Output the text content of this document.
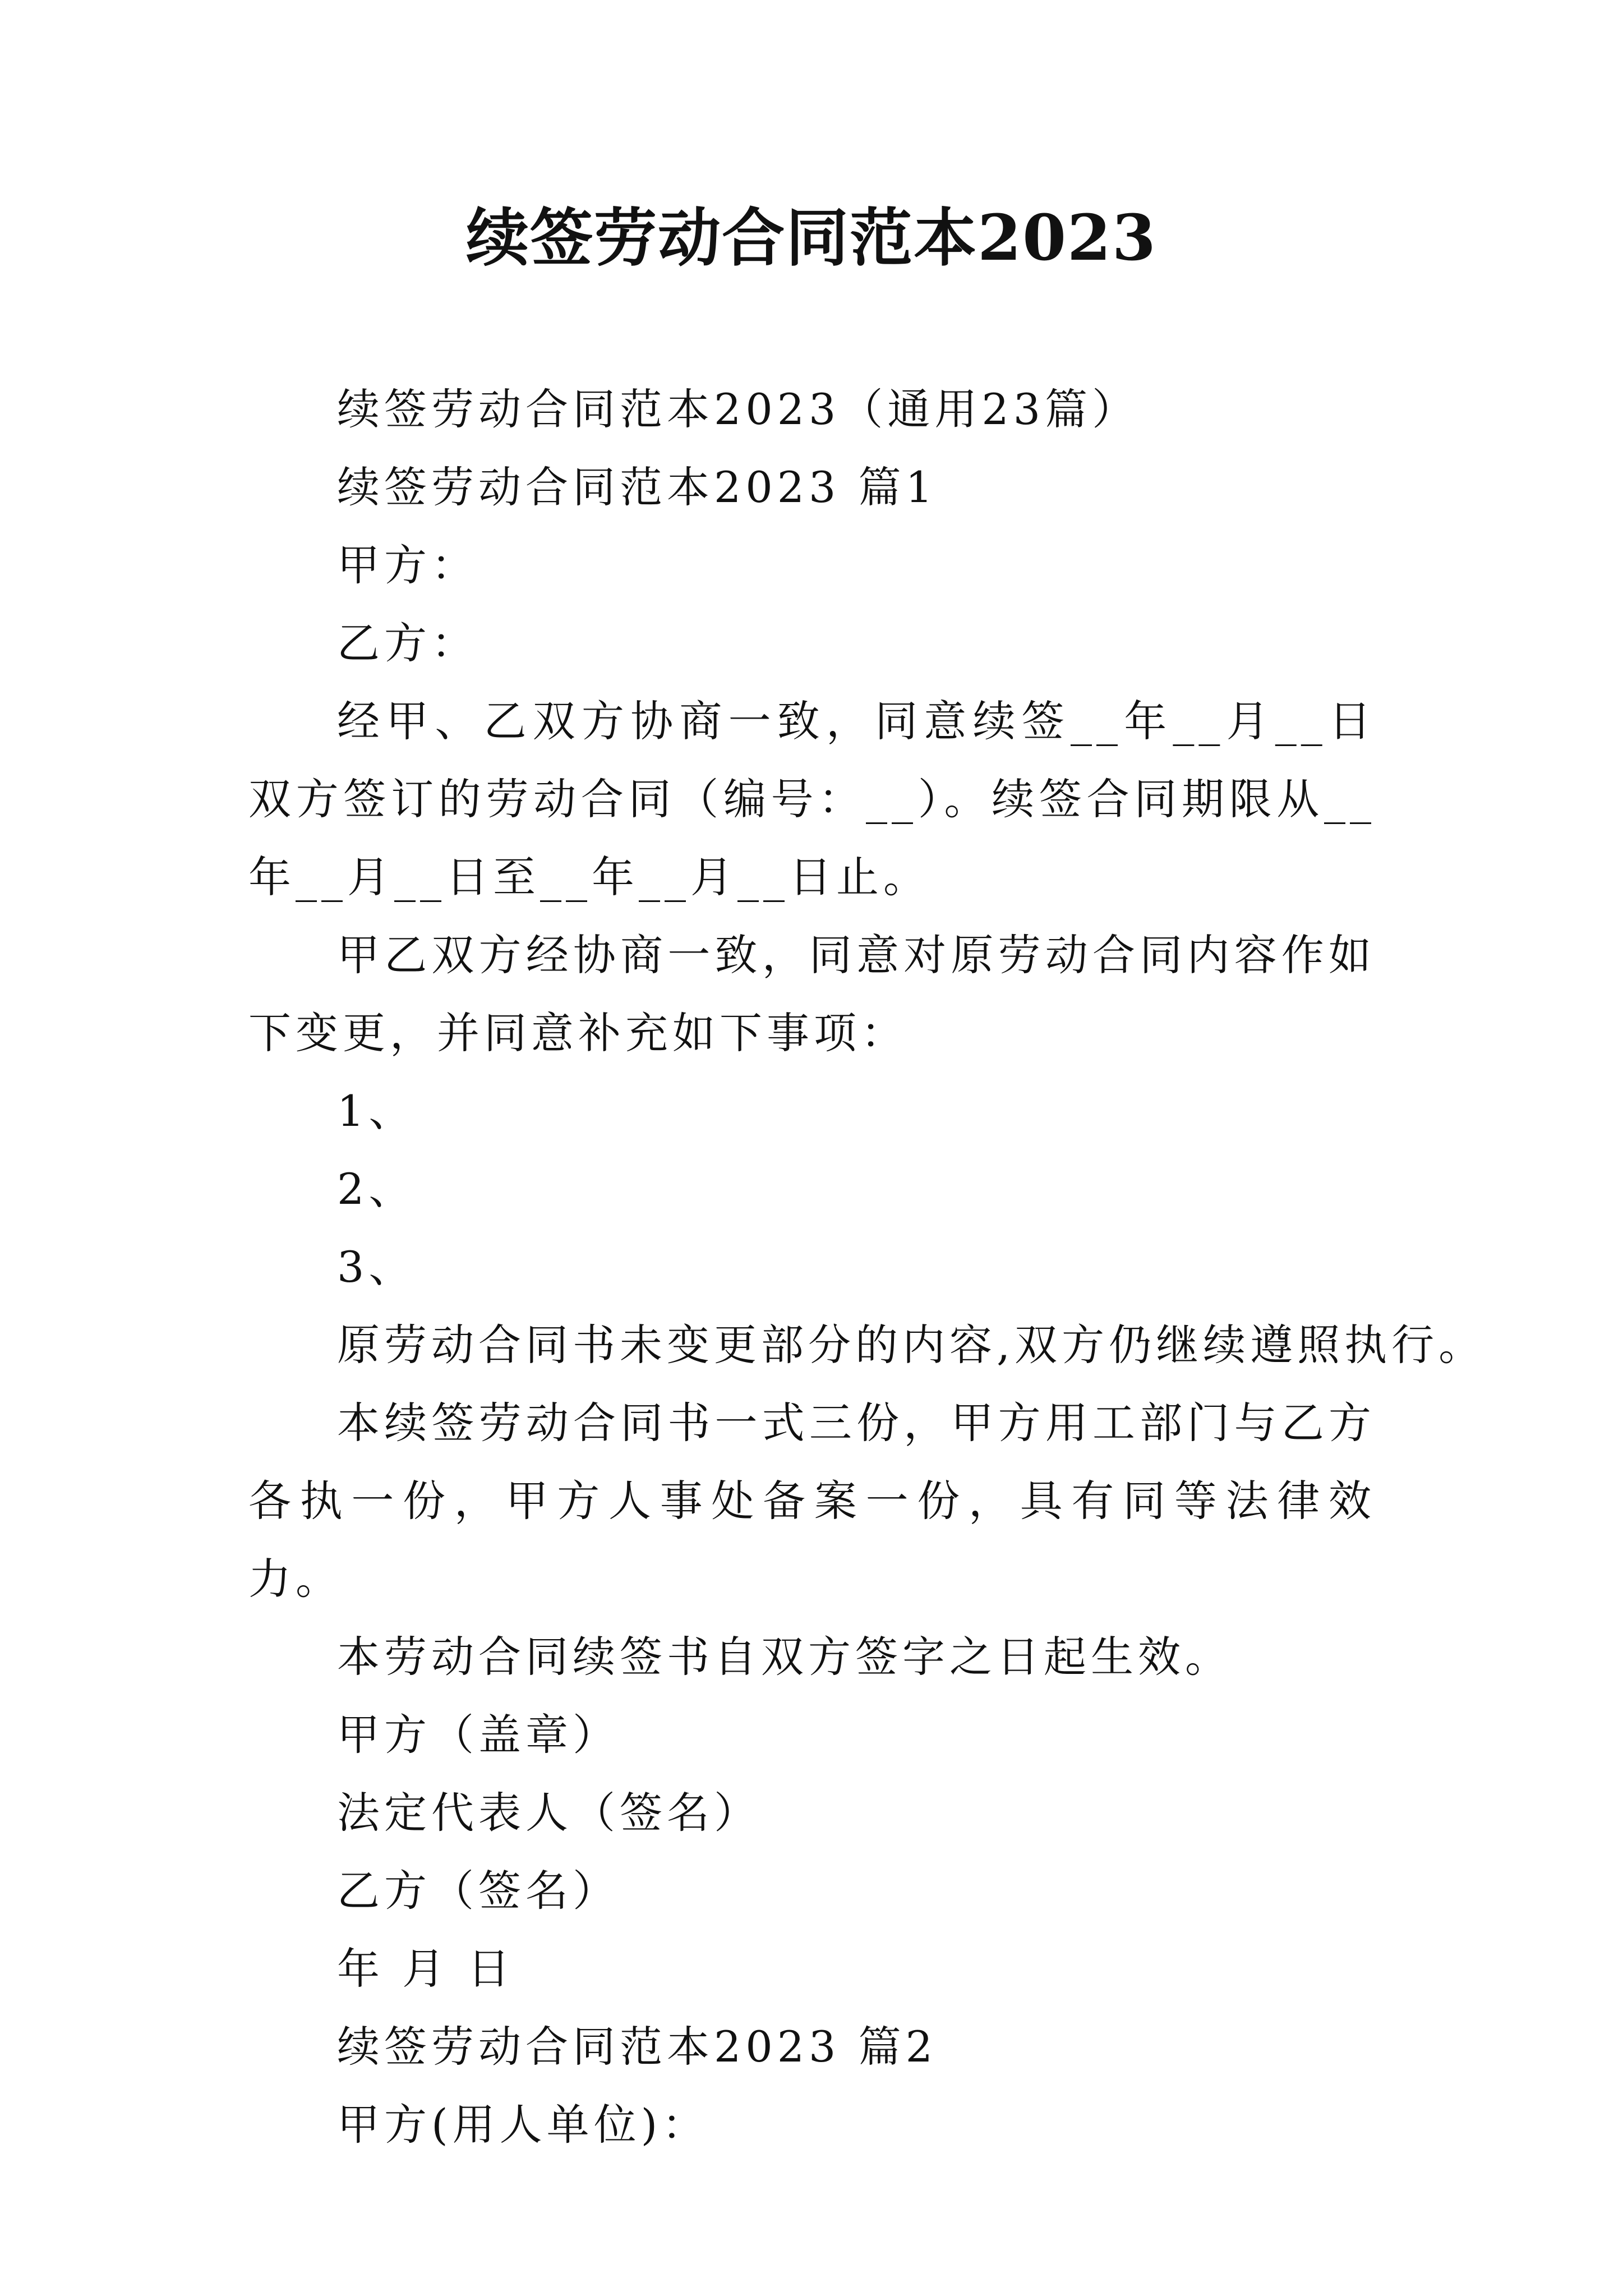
续签劳动合同范本2023

续签劳动合同范本2023（通用23篇）

续签劳动合同范本2023 篇1

甲方：

乙方：

经甲、乙双方协商一致，同意续签__年__月__日双方签订的劳动合同（编号：__）。续签合同期限从__年__月__日至__年__月__日止。

甲乙双方经协商一致，同意对原劳动合同内容作如下变更，并同意补充如下事项：

1、

2、

3、

原劳动合同书未变更部分的内容,双方仍继续遵照执行。

本续签劳动合同书一式三份，甲方用工部门与乙方各执一份，甲方人事处备案一份，具有同等法律效力。

本劳动合同续签书自双方签字之日起生效。

甲方（盖章）

法定代表人（签名）

乙方（签名）

年 月 日

续签劳动合同范本2023 篇2

甲方(用人单位)：
